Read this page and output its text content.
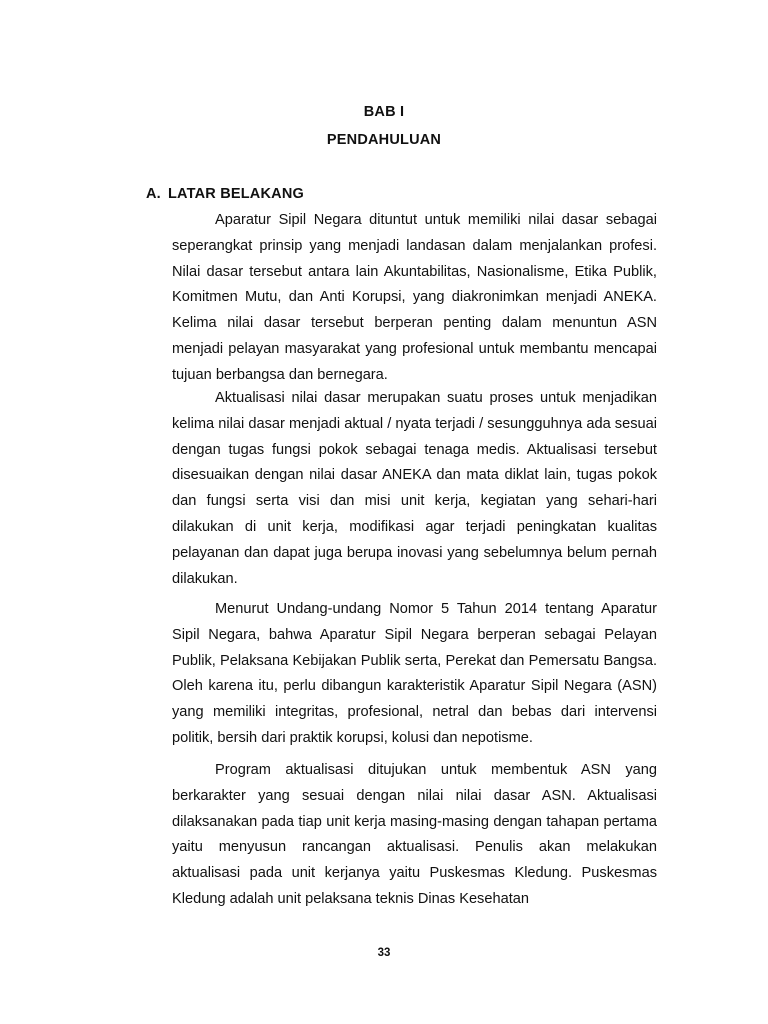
BAB I
PENDAHULUAN
A. LATAR BELAKANG

Aparatur Sipil Negara dituntut untuk memiliki nilai dasar sebagai seperangkat prinsip yang menjadi landasan dalam menjalankan profesi. Nilai dasar tersebut antara lain Akuntabilitas, Nasionalisme, Etika Publik, Komitmen Mutu, dan Anti Korupsi, yang diakronimkan menjadi ANEKA. Kelima nilai dasar tersebut berperan penting dalam menuntun ASN menjadi pelayan masyarakat yang profesional untuk membantu mencapai tujuan berbangsa dan bernegara.

Aktualisasi nilai dasar merupakan suatu proses untuk menjadikan kelima nilai dasar menjadi aktual / nyata terjadi / sesungguhnya ada sesuai dengan tugas fungsi pokok sebagai tenaga medis. Aktualisasi tersebut disesuaikan dengan nilai dasar ANEKA dan mata diklat lain, tugas pokok dan fungsi serta visi dan misi unit kerja, kegiatan yang sehari-hari dilakukan di unit kerja, modifikasi agar terjadi peningkatan kualitas pelayanan dan dapat juga berupa inovasi yang sebelumnya belum pernah dilakukan.

Menurut Undang-undang Nomor 5 Tahun 2014 tentang Aparatur Sipil Negara, bahwa Aparatur Sipil Negara berperan sebagai Pelayan Publik, Pelaksana Kebijakan Publik serta, Perekat dan Pemersatu Bangsa. Oleh karena itu, perlu dibangun karakteristik Aparatur Sipil Negara (ASN) yang memiliki integritas, profesional, netral dan bebas dari intervensi politik, bersih dari praktik korupsi, kolusi dan nepotisme.

Program aktualisasi ditujukan untuk membentuk ASN yang berkarakter yang sesuai dengan nilai nilai dasar ASN. Aktualisasi dilaksanakan pada tiap unit kerja masing-masing dengan tahapan pertama yaitu menyusun rancangan aktualisasi. Penulis akan melakukan aktualisasi pada unit kerjanya yaitu Puskesmas Kledung. Puskesmas Kledung adalah unit pelaksana teknis Dinas Kesehatan

33
